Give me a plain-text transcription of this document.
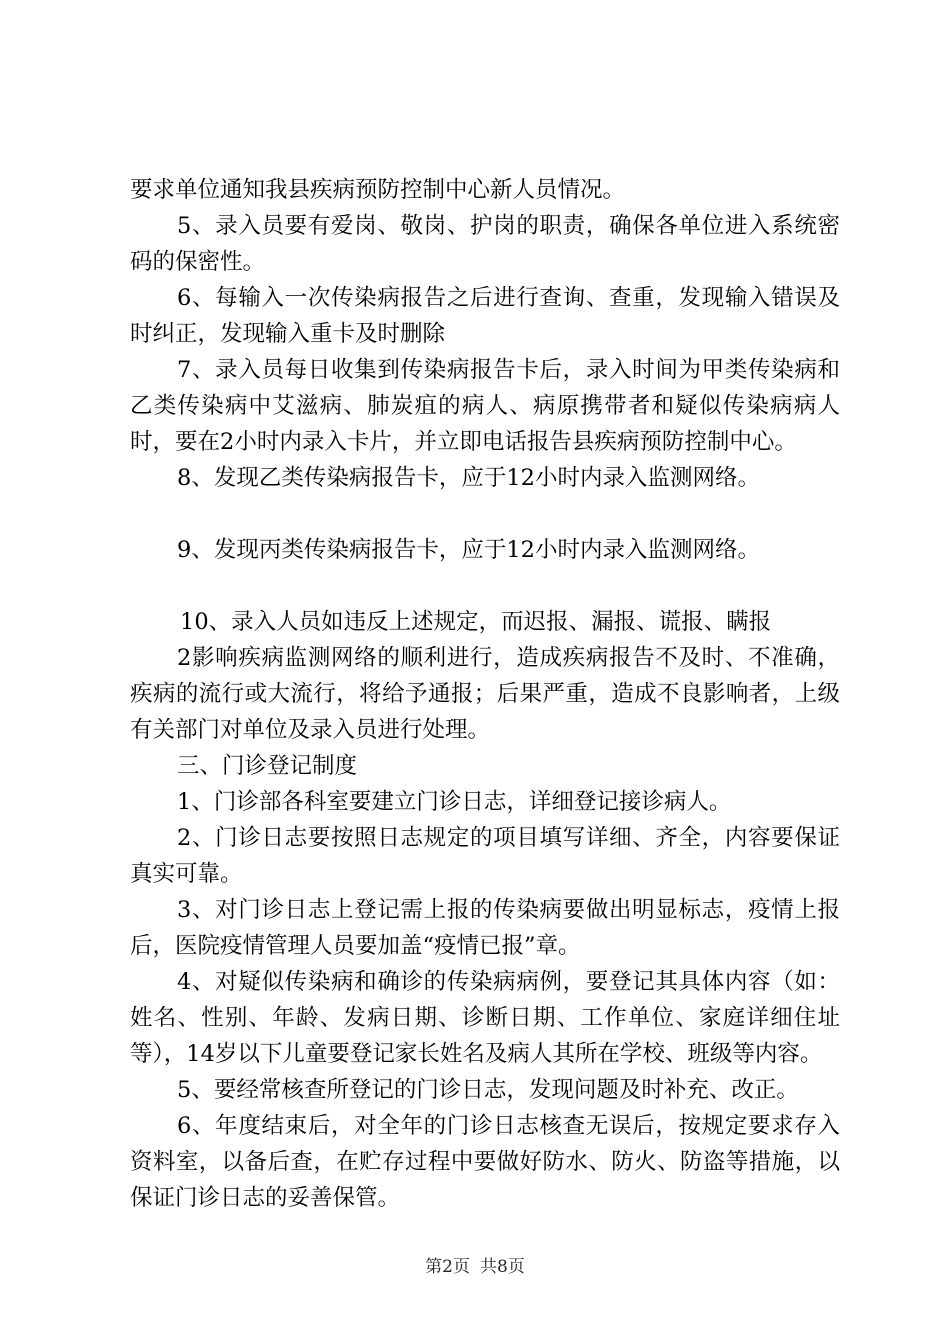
要求单位通知我县疾病预防控制中心新人员情况。

5、录入员要有爱岗、敬岗、护岗的职责，确保各单位进入系统密码的保密性。

6、每输入一次传染病报告之后进行查询、查重，发现输入错误及时纠正，发现输入重卡及时删除

7、录入员每日收集到传染病报告卡后，录入时间为甲类传染病和乙类传染病中艾滋病、肺炭疽的病人、病原携带者和疑似传染病病人时，要在2小时内录入卡片，并立即电话报告县疾病预防控制中心。

8、发现乙类传染病报告卡，应于12小时内录入监测网络。

9、发现丙类传染病报告卡，应于12小时内录入监测网络。

10、录入人员如违反上述规定，而迟报、漏报、谎报、瞒报

2影响疾病监测网络的顺利进行，造成疾病报告不及时、不准确，疾病的流行或大流行，将给予通报；后果严重，造成不良影响者，上级有关部门对单位及录入员进行处理。

三、门诊登记制度

1、门诊部各科室要建立门诊日志，详细登记接诊病人。

2、门诊日志要按照日志规定的项目填写详细、齐全，内容要保证真实可靠。

3、对门诊日志上登记需上报的传染病要做出明显标志，疫情上报后，医院疫情管理人员要加盖“疫情已报”章。

4、对疑似传染病和确诊的传染病病例，要登记其具体内容（如：姓名、性别、年龄、发病日期、诊断日期、工作单位、家庭详细住址等），14岁以下儿童要登记家长姓名及病人其所在学校、班级等内容。

5、要经常核查所登记的门诊日志，发现问题及时补充、改正。

6、年度结束后，对全年的门诊日志核查无误后，按规定要求存入资料室，以备后查，在贮存过程中要做好防水、防火、防盗等措施，以保证门诊日志的妥善保管。

第2页 共8页
